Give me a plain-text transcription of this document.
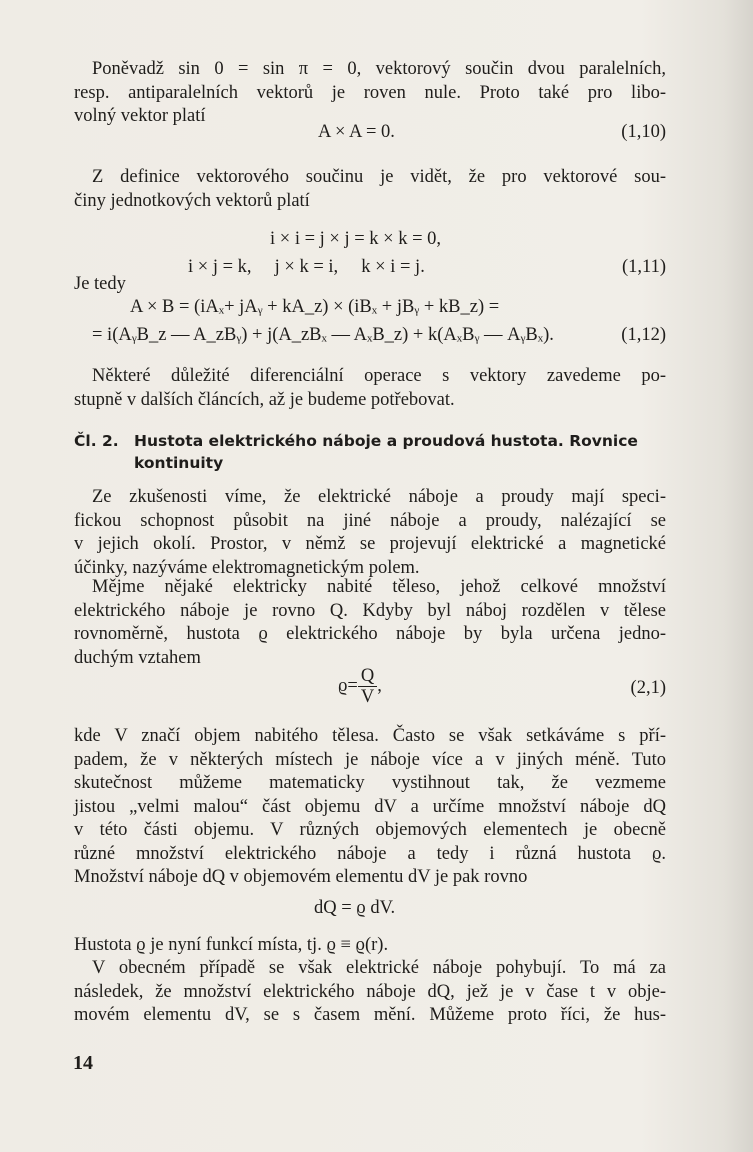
Poněvadž sin 0 = sin π = 0, vektorový součin dvou paralelních,
resp. antiparalelních vektorů je roven nule. Proto také pro libo-
volný vektor platí
A × A = 0.	(1,10)
Z definice vektorového součinu je vidět, že pro vektorové sou-
činy jednotkových vektorů platí
i × i = j × j = k × k = 0,
i × j = k,     j × k = i,     k × i = j.	(1,11)
Je tedy
A × B = (iAₓ+ jAᵧ + kA_z) × (iBₓ + jBᵧ + kB_z) =
= i(AᵧB_z — A_zBᵧ) + j(A_zBₓ — AₓB_z) + k(AₓBᵧ — AᵧBₓ).	(1,12)
Některé důležité diferenciální operace s vektory zavedeme po-
stupně v dalších článcích, až je budeme potřebovat.
Čl. 2. Hustota elektrického náboje a proudová hustota. Rovnice
kontinuity
Ze zkušenosti víme, že elektrické náboje a proudy mají speci-
fickou schopnost působit na jiné náboje a proudy, nalézající se
v jejich okolí. Prostor, v němž se projevují elektrické a magnetické
účinky, nazýváme elektromagnetickým polem.
Mějme nějaké elektricky nabité těleso, jehož celkové množství
elektrického náboje je rovno Q. Kdyby byl náboj rozdělen v tělese
rovnoměrně, hustota ϱ elektrického náboje by byla určena jedno-
duchým vztahem
$ϱ= \frac{Q}{V}$ ,	(2,1)
kde V značí objem nabitého tělesa. Často se však setkáváme s pří-
padem, že v některých místech je nábojе více a v jiných méně. Tuto
skutečnost můžeme matematicky vystihnout tak, že vezmeme
jistou „velmi malou“ část objemu dV a určíme množství náboje dQ
v této části objemu. V různých objemových elementech je obecně
různé množství elektrického náboje a tedy i různá hustota ϱ.
Množství náboje dQ v objemovém elementu dV je pak rovno
dQ = ϱ dV.
Hustota ϱ je nyní funkcí místa, tj. ϱ ≡ ϱ(r).
V obecném případě se však elektrické náboje pohybují. To má za
následek, že množství elektrického náboje dQ, jež je v čase t v obje-
movém elementu dV, se s časem mění. Můžeme proto říci, že hus-
14
